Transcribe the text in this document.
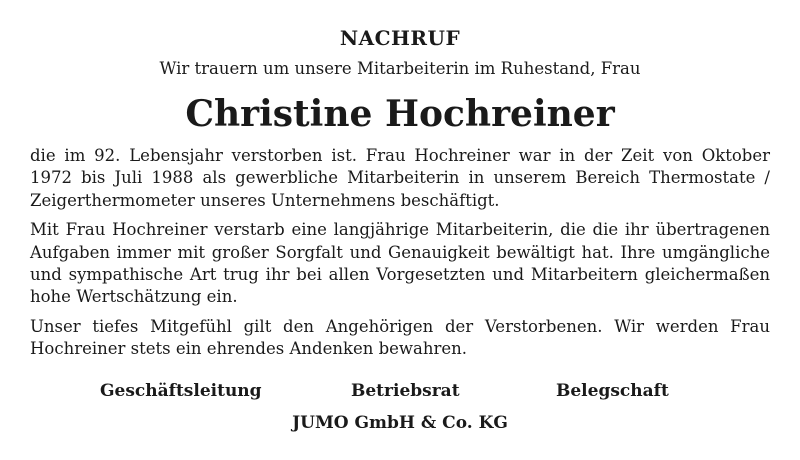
NACHRUF
Wir trauern um unsere Mitarbeiterin im Ruhestand, Frau
Christine Hochreiner

die im 92. Lebensjahr verstorben ist. Frau Hochreiner war in der Zeit von Oktober 1972 bis Juli 1988 als gewerbliche Mitarbeiterin in unserem Bereich Thermostate / Zeigerthermometer unseres Unternehmens beschäftigt.

Mit Frau Hochreiner verstarb eine langjährige Mitarbeiterin, die die ihr übertragenen Aufgaben immer mit großer Sorgfalt und Genauigkeit bewältigt hat. Ihre umgängliche und sympathische Art trug ihr bei allen Vorgesetzten und Mitarbeitern gleichermaßen hohe Wertschätzung ein.

Unser tiefes Mitgefühl gilt den Angehörigen der Verstorbenen. Wir werden Frau Hochreiner stets ein ehrendes Andenken bewahren.

Geschäftsleitung	Betriebsrat	Belegschaft
JUMO GmbH & Co. KG
